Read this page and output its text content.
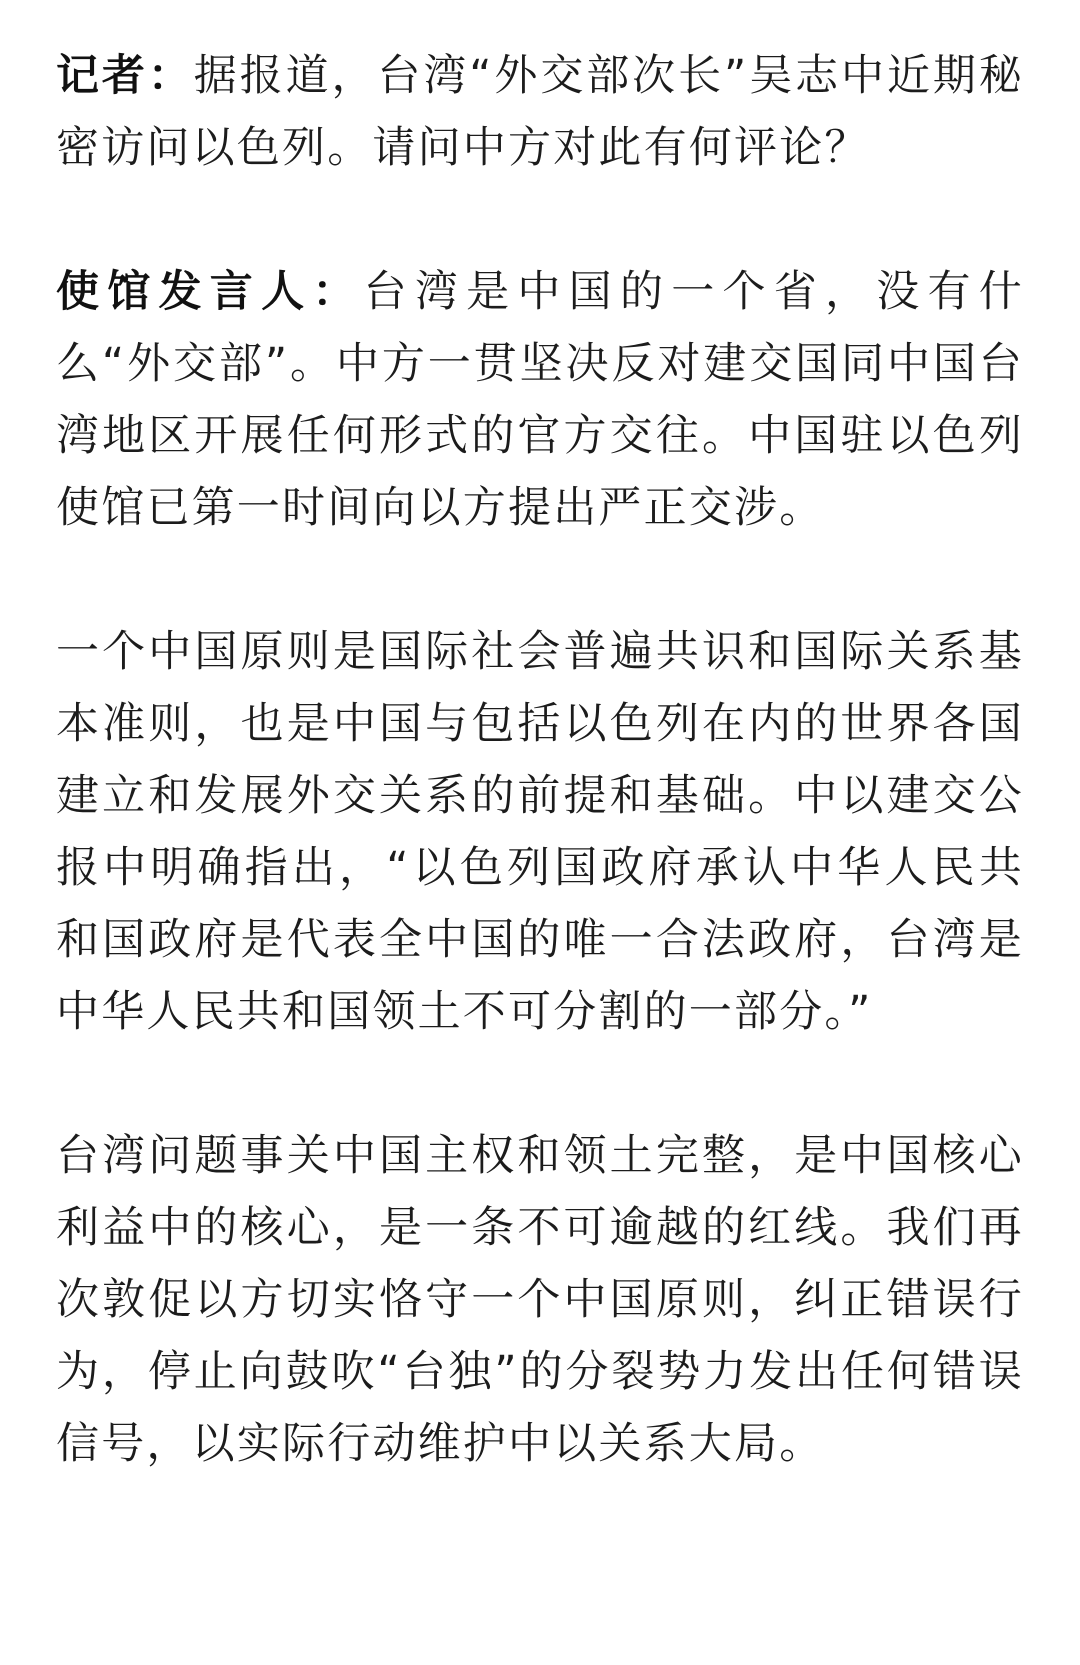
记者：据报道，台湾“外交部次长”吴志中近期秘密访问以色列。请问中方对此有何评论？

使馆发言人：台湾是中国的一个省，没有什么“外交部”。中方一贯坚决反对建交国同中国台湾地区开展任何形式的官方交往。中国驻以色列使馆已第一时间向以方提出严正交涉。

一个中国原则是国际社会普遍共识和国际关系基本准则，也是中国与包括以色列在内的世界各国建立和发展外交关系的前提和基础。中以建交公报中明确指出，“以色列国政府承认中华人民共和国政府是代表全中国的唯一合法政府，台湾是中华人民共和国领土不可分割的一部分。”

台湾问题事关中国主权和领土完整，是中国核心利益中的核心，是一条不可逾越的红线。我们再次敦促以方切实恪守一个中国原则，纠正错误行为，停止向鼓吹“台独”的分裂势力发出任何错误信号，以实际行动维护中以关系大局。
